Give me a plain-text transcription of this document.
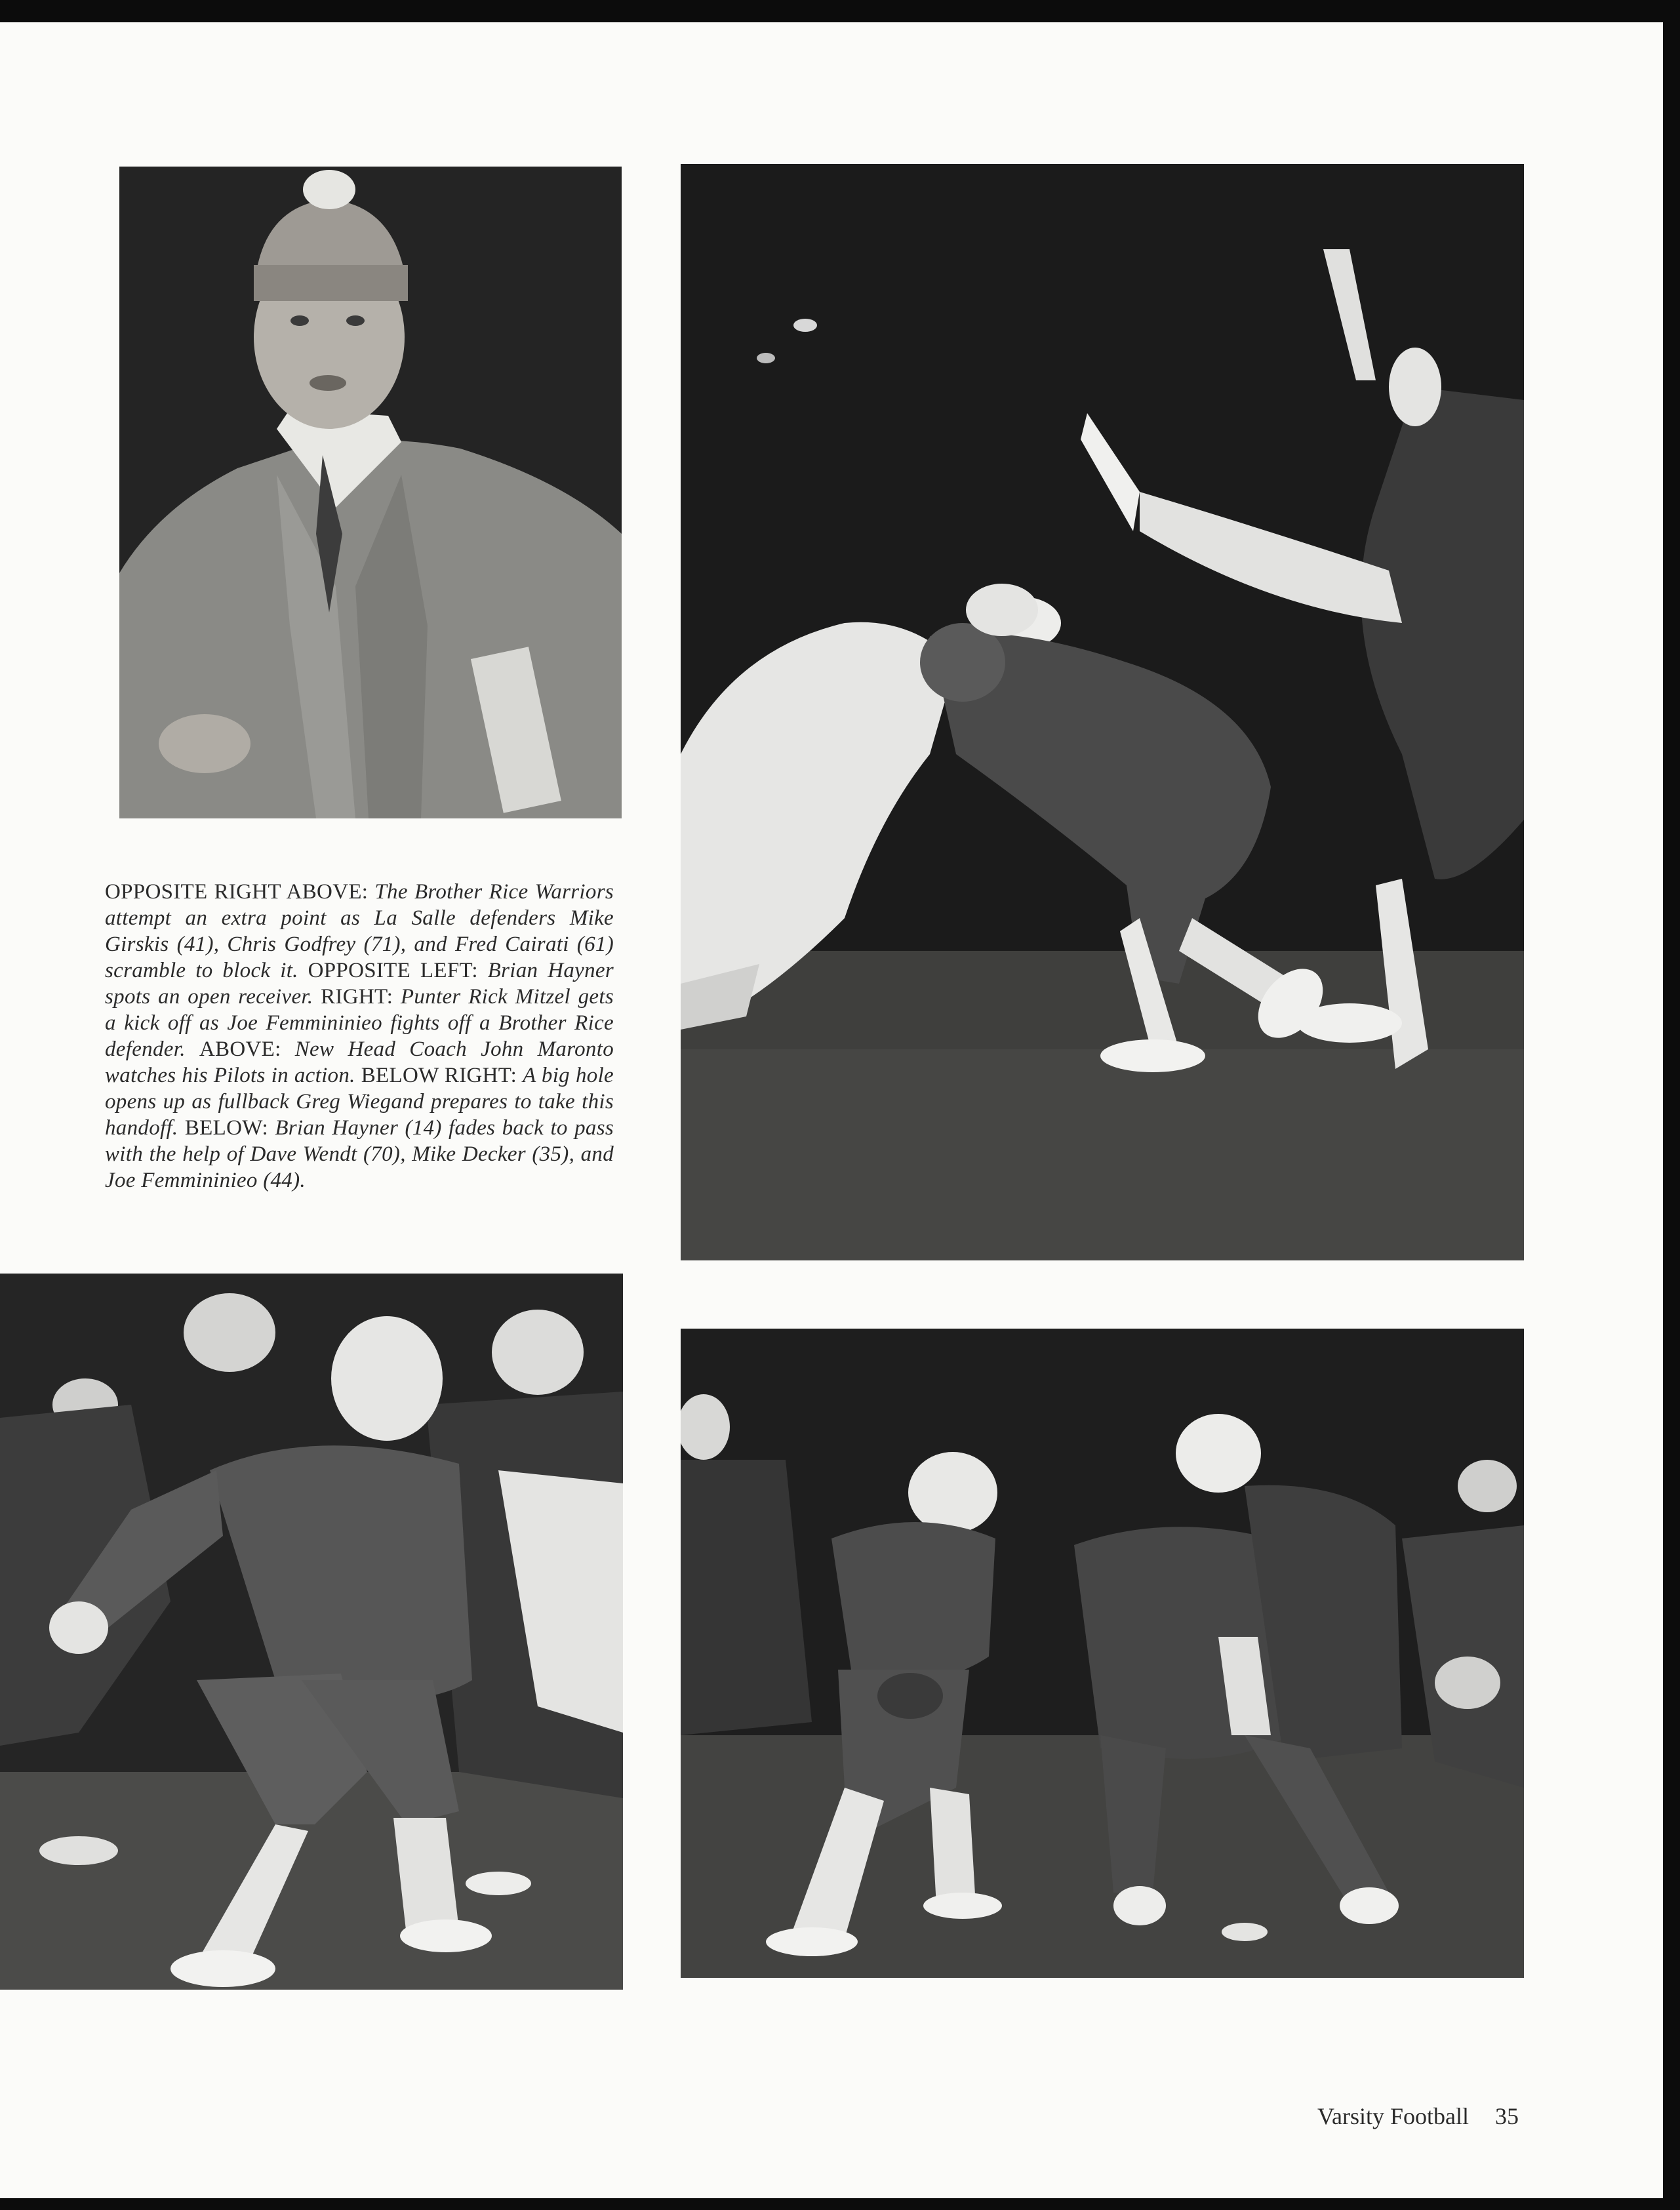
OPPOSITE RIGHT ABOVE: The Brother Rice Warriors attempt an extra point as La Salle defenders Mike Girskis (41), Chris Godfrey (71), and Fred Cairati (61) scramble to block it. OPPOSITE LEFT: Brian Hayner spots an open receiver. RIGHT: Punter Rick Mitzel gets a kick off as Joe Femmininieo fights off a Brother Rice defender. ABOVE: New Head Coach John Maronto watches his Pilots in action. BELOW RIGHT: A big hole opens up as fullback Greg Wiegand prepares to take this handoff. BELOW: Brian Hayner (14) fades back to pass with the help of Dave Wendt (70), Mike Decker (35), and Joe Femmininieo (44).
Varsity Football 35
